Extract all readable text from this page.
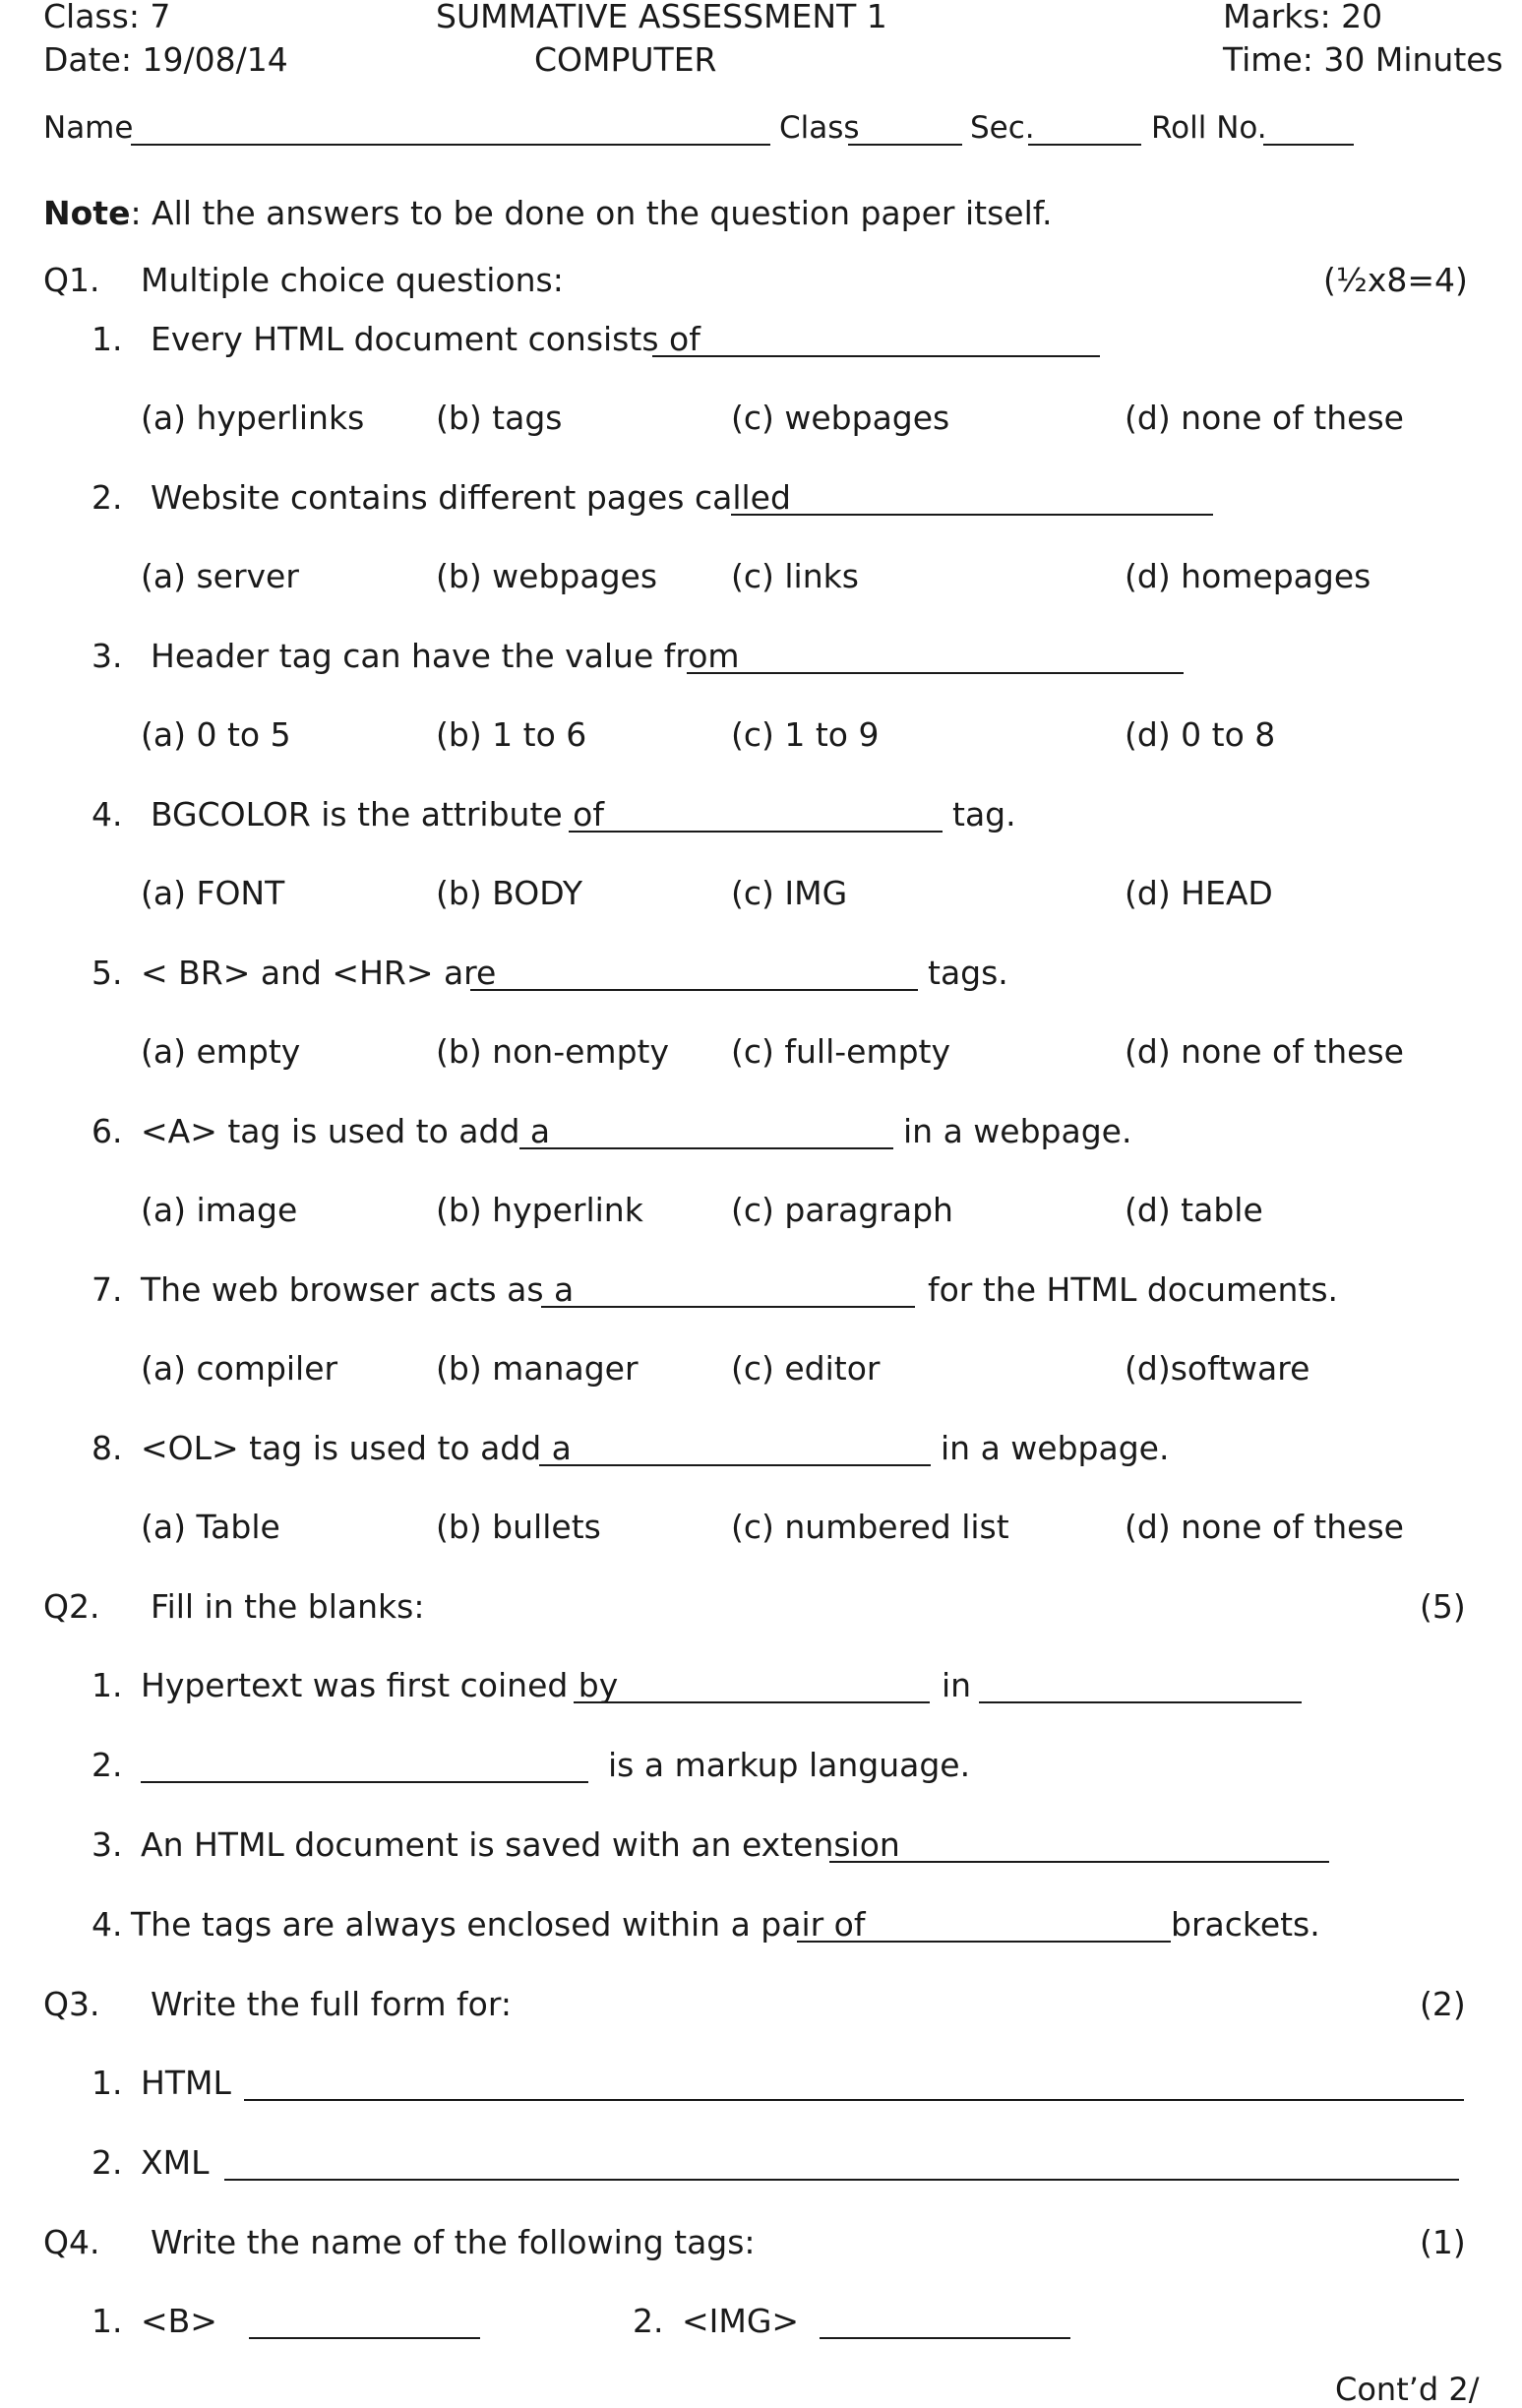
Class: 7	SUMMATIVE ASSESSMENT 1	Marks: 20
Date: 19/08/14	COMPUTER	Time: 30 Minutes
Name	Class	Sec.	Roll No.
Note: All the answers to be done on the question paper itself.
Q1. Multiple choice questions:	(½x8=4)
1. Every HTML document consists of
(a) hyperlinks (b) tags	(c) webpages	(d) none of these
2. Website contains different pages called
(a) server	(b) webpages (c) links	(d) homepages
3. Header tag can have the value from
(a) 0 to 5	(b) 1 to 6	(c) 1 to 9	(d) 0 to 8
4. BGCOLOR is the attribute of	tag.
(a) FONT	(b) BODY	(c) IMG	(d) HEAD
5. < BR> and <HR> are	tags.
(a) empty	(b) non-empty (c) full-empty	(d) none of these
6. <A> tag is used to add a	in a webpage.
(a) image	(b) hyperlink	(c) paragraph	(d) table
7. The web browser acts as a	for the HTML documents.
(a) compiler	(b) manager	(c) editor	(d)software
8. <OL> tag is used to add a	in a webpage.
(a) Table	(b) bullets	(c) numbered list	(d) none of these
Q2. Fill in the blanks:	(5)
1. Hypertext was first coined by	in
2.	is a markup language.
3. An HTML document is saved with an extension
4. The tags are always enclosed within a pair of	brackets.
Q3. Write the full form for:	(2)
1. HTML
2. XML
Q4. Write the name of the following tags:	(1)
1. <B>	2. <IMG>
Cont’d 2/
